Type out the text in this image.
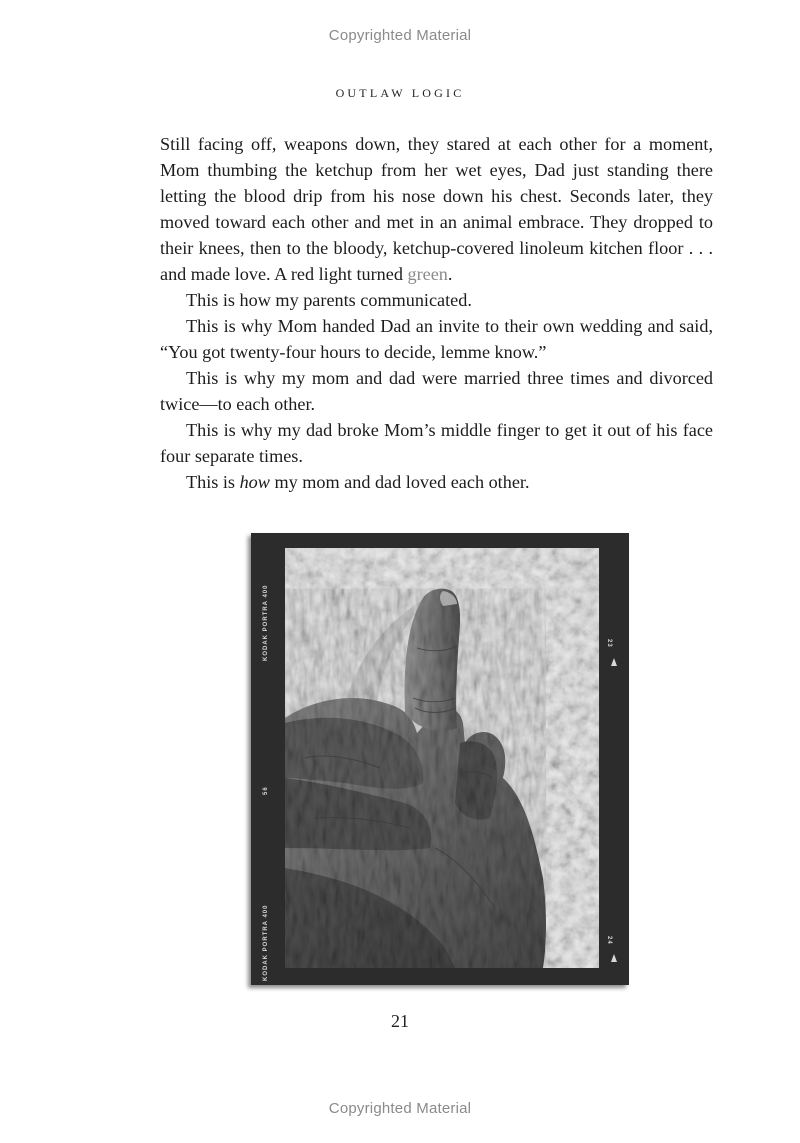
Copyrighted Material
OUTLAW LOGIC

Still facing off, weapons down, they stared at each other for a moment, Mom thumbing the ketchup from her wet eyes, Dad just standing there letting the blood drip from his nose down his chest. Seconds later, they moved toward each other and met in an animal embrace. They dropped to their knees, then to the bloody, ketchup-covered linoleum kitchen floor . . . and made love. A red light turned green.

This is how my parents communicated.

This is why Mom handed Dad an invite to their own wedding and said, “You got twenty-four hours to decide, lemme know.”

This is why my mom and dad were married three times and divorced twice—to each other.

This is why my dad broke Mom’s middle finger to get it out of his face four separate times.

This is how my mom and dad loved each other.

KODAK PORTRA 400
56
KODAK PORTRA 400
23
24
21
Copyrighted Material
